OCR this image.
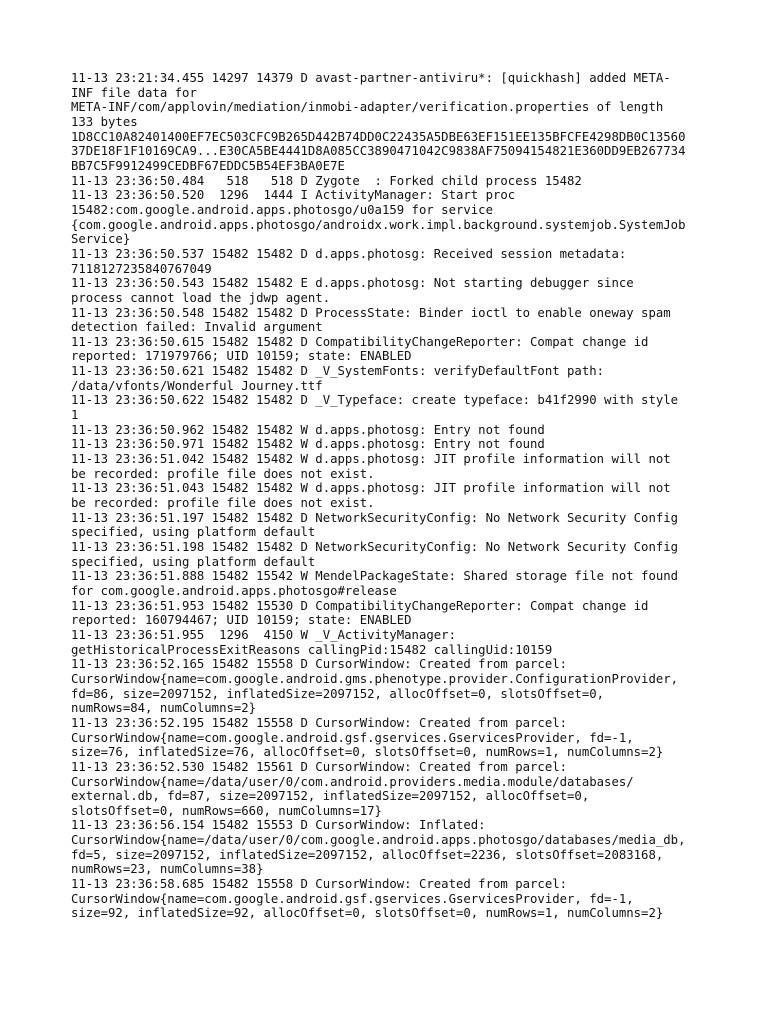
11-13 23:21:34.455 14297 14379 D avast-partner-antiviru*: [quickhash] added META-

INF file data for

META-INF/com/applovin/mediation/inmobi-adapter/verification.properties of length

133 bytes

1D8CC10A82401400EF7EC503CFC9B265D442B74DD0C22435A5DBE63EF151EE135BFCFE4298DB0C13560

37DE18F1F10169CA9...E30CA5BE4441D8A085CC3890471042C9838AF75094154821E360DD9EB267734

BB7C5F9912499CEDBF67EDDC5B54EF3BA0E7E

11-13 23:36:50.484   518   518 D Zygote  : Forked child process 15482

11-13 23:36:50.520  1296  1444 I ActivityManager: Start proc

15482:com.google.android.apps.photosgo/u0a159 for service

{com.google.android.apps.photosgo/androidx.work.impl.background.systemjob.SystemJob

Service}

11-13 23:36:50.537 15482 15482 D d.apps.photosg: Received session metadata:

7118127235840767049

11-13 23:36:50.543 15482 15482 E d.apps.photosg: Not starting debugger since

process cannot load the jdwp agent.

11-13 23:36:50.548 15482 15482 D ProcessState: Binder ioctl to enable oneway spam

detection failed: Invalid argument

11-13 23:36:50.615 15482 15482 D CompatibilityChangeReporter: Compat change id

reported: 171979766; UID 10159; state: ENABLED

11-13 23:36:50.621 15482 15482 D _V_SystemFonts: verifyDefaultFont path:

/data/vfonts/Wonderful Journey.ttf

11-13 23:36:50.622 15482 15482 D _V_Typeface: create typeface: b41f2990 with style

1

11-13 23:36:50.962 15482 15482 W d.apps.photosg: Entry not found

11-13 23:36:50.971 15482 15482 W d.apps.photosg: Entry not found

11-13 23:36:51.042 15482 15482 W d.apps.photosg: JIT profile information will not

be recorded: profile file does not exist.

11-13 23:36:51.043 15482 15482 W d.apps.photosg: JIT profile information will not

be recorded: profile file does not exist.

11-13 23:36:51.197 15482 15482 D NetworkSecurityConfig: No Network Security Config

specified, using platform default

11-13 23:36:51.198 15482 15482 D NetworkSecurityConfig: No Network Security Config

specified, using platform default

11-13 23:36:51.888 15482 15542 W MendelPackageState: Shared storage file not found

for com.google.android.apps.photosgo#release

11-13 23:36:51.953 15482 15530 D CompatibilityChangeReporter: Compat change id

reported: 160794467; UID 10159; state: ENABLED

11-13 23:36:51.955  1296  4150 W _V_ActivityManager:

getHistoricalProcessExitReasons callingPid:15482 callingUid:10159

11-13 23:36:52.165 15482 15558 D CursorWindow: Created from parcel:

CursorWindow{name=com.google.android.gms.phenotype.provider.ConfigurationProvider,

fd=86, size=2097152, inflatedSize=2097152, allocOffset=0, slotsOffset=0,

numRows=84, numColumns=2}

11-13 23:36:52.195 15482 15558 D CursorWindow: Created from parcel:

CursorWindow{name=com.google.android.gsf.gservices.GservicesProvider, fd=-1,

size=76, inflatedSize=76, allocOffset=0, slotsOffset=0, numRows=1, numColumns=2}

11-13 23:36:52.530 15482 15561 D CursorWindow: Created from parcel:

CursorWindow{name=/data/user/0/com.android.providers.media.module/databases/

external.db, fd=87, size=2097152, inflatedSize=2097152, allocOffset=0,

slotsOffset=0, numRows=660, numColumns=17}

11-13 23:36:56.154 15482 15553 D CursorWindow: Inflated:

CursorWindow{name=/data/user/0/com.google.android.apps.photosgo/databases/media_db,

fd=5, size=2097152, inflatedSize=2097152, allocOffset=2236, slotsOffset=2083168,

numRows=23, numColumns=38}

11-13 23:36:58.685 15482 15558 D CursorWindow: Created from parcel:

CursorWindow{name=com.google.android.gsf.gservices.GservicesProvider, fd=-1,

size=92, inflatedSize=92, allocOffset=0, slotsOffset=0, numRows=1, numColumns=2}
